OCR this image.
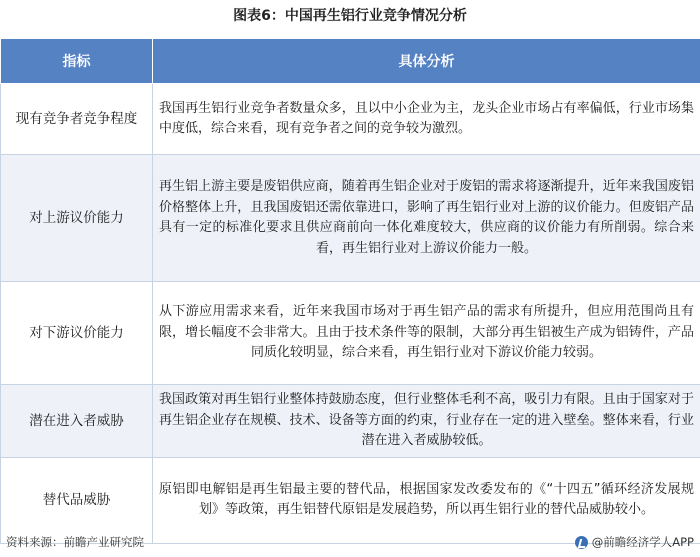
图表6：中国再生铝行业竞争情况分析
指标	具体分析
现有竞争者竞争程度	我国再生铝行业竞争者数量众多，且以中小企业为主，龙头企业市场占有率偏低，行业市场集中度低，综合来看，现有竞争者之间的竞争较为激烈。
对上游议价能力	再生铝上游主要是废铝供应商，随着再生铝企业对于废铝的需求将逐渐提升，近年来我国废铝价格整体上升，且我国废铝还需依靠进口，影响了再生铝行业对上游的议价能力。但废铝产品具有一定的标准化要求且供应商前向一体化难度较大，供应商的议价能力有所削弱。综合来看，再生铝行业对上游议价能力一般。
对下游议价能力	从下游应用需求来看，近年来我国市场对于再生铝产品的需求有所提升，但应用范围尚且有限，增长幅度不会非常大。且由于技术条件等的限制，大部分再生铝被生产成为铝铸件，产品同质化较明显，综合来看，再生铝行业对下游议价能力较弱。
潜在进入者威胁	我国政策对再生铝行业整体持鼓励态度，但行业整体毛利不高，吸引力有限。且由于国家对于再生铝企业存在规模、技术、设备等方面的约束，行业存在一定的进入壁垒。整体来看，行业潜在进入者威胁较低。
替代品威胁	原铝即电解铝是再生铝最主要的替代品，根据国家发改委发布的《“十四五”循环经济发展规划》等政策，再生铝替代原铝是发展趋势，所以再生铝行业的替代品威胁较小。
资料来源：前瞻产业研究院	@前瞻经济学人APP
